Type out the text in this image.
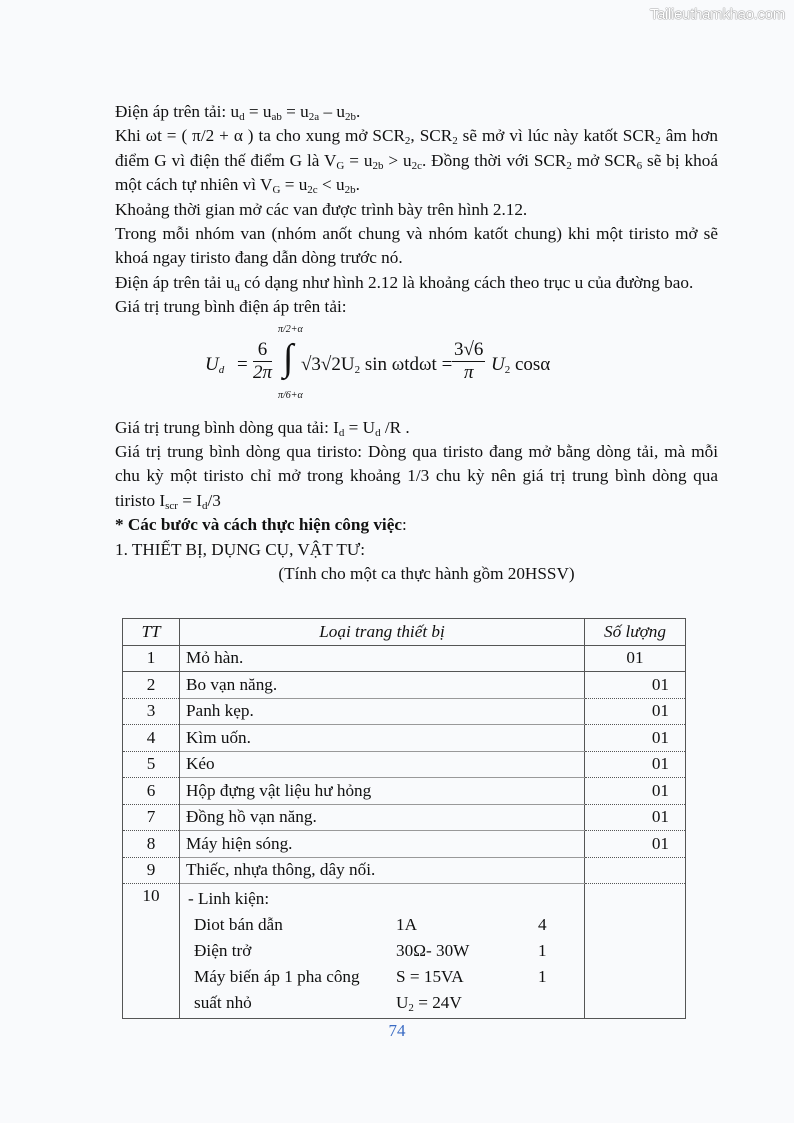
Tailieuthamkhao.com

Điện áp trên tải: $u_d = u_{ab} = u_{2a} - u_{2b}$.

Khi ωt = ( π/2 + α ) ta cho xung mở $SCR_2$, $SCR_2$ sẽ mở vì lúc này katốt $SCR_2$ âm hơn điểm G vì điện thế điểm G là $V_G = u_{2b} > u_{2c}$. Đồng thời với $SCR_2$ mở $SCR_6$ sẽ bị khoá một cách tự nhiên vì $V_G = u_{2c} < u_{2b}$.

Khoảng thời gian mở các van được trình bày trên hình 2.12.

Trong mỗi nhóm van (nhóm anốt chung và nhóm katốt chung) khi một tiristo mở sẽ khoá ngay tiristo đang dẫn dòng trước nó.

Điện áp trên tải $u_d$ có dạng như hình 2.12 là khoảng cách theo trục u của đường bao.

Giá trị trung bình điện áp trên tải:

$U_d = \frac{6}{2\pi}$
π/2+α
∫
π/6+α
$√3√2U_2$ $\sin \omega td\omega t = \frac{3√6}{\pi} U_2$ cosα

Giá trị trung bình dòng qua tải: $I_d = U_d$ /R .

Giá trị trung bình dòng qua tiristo: Dòng qua tiristo đang mở bằng dòng tải, mà mỗi chu kỳ một tiristo chỉ mở trong khoảng 1/3 chu kỳ nên giá trị trung bình dòng qua tiristo $I_{scr} = I_d/3$

* Các bước và cách thực hiện công việc:

1. THIẾT BỊ, DỤNG CỤ, VẬT TƯ:

(Tính cho một ca thực hành gồm 20HSSV)

TT	Loại trang thiết bị	Số lượng
1	Mỏ hàn.	01
2	Bo vạn năng.	01
3	Panh kẹp.	01
4	Kìm uốn.	01
5	Kéo	01
6	Hộp đựng vật liệu hư hỏng	01
7	Đồng hồ vạn năng.	01
8	Máy hiện sóng.	01
9	Thiếc, nhựa thông, dây nối.	
10	- Linh kiện:
Diot bán dẫn	1A	4
Điện trở	30Ω- 30W	1
Máy biến áp 1 pha công	S = 15VA	1
suất nhỏ	$U_2 = 24V$

74
